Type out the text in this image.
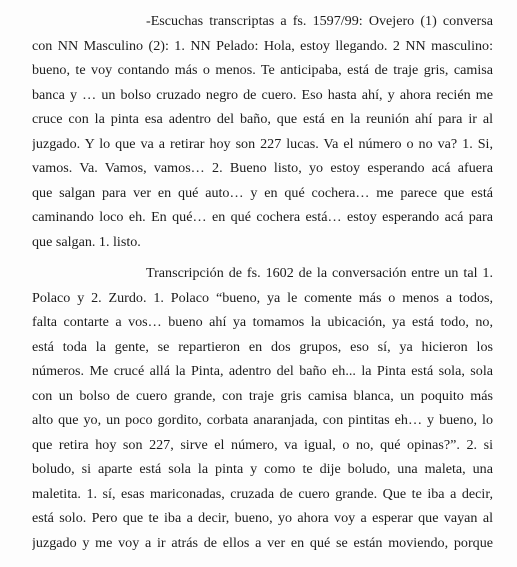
-Escuchas transcriptas a fs. 1597/99: Ovejero (1) conversa
con NN Masculino (2): 1. NN Pelado: Hola, estoy llegando. 2 NN masculino:
bueno, te voy contando más o menos. Te anticipaba, está de traje gris, camisa
banca y … un bolso cruzado negro de cuero. Eso hasta ahí, y ahora recién me
cruce con la pinta esa adentro del baño, que está en la reunión ahí para ir al
juzgado. Y lo que va a retirar hoy son 227 lucas. Va el número o no va? 1. Si,
vamos. Va. Vamos, vamos… 2. Bueno listo, yo estoy esperando acá afuera
que salgan para ver en qué auto… y en qué cochera… me parece que está
caminando loco eh. En qué… en qué cochera está… estoy esperando acá para
que salgan. 1. listo.
Transcripción de fs. 1602 de la conversación entre un tal 1.
Polaco y 2. Zurdo. 1. Polaco “bueno, ya le comente más o menos a todos,
falta contarte a vos… bueno ahí ya tomamos la ubicación, ya está todo, no,
está toda la gente, se repartieron en dos grupos, eso sí, ya hicieron los
números. Me crucé allá la Pinta, adentro del baño eh... la Pinta está sola, sola
con un bolso de cuero grande, con traje gris camisa blanca, un poquito más
alto que yo, un poco gordito, corbata anaranjada, con pintitas eh… y bueno, lo
que retira hoy son 227, sirve el número, va igual, o no, qué opinas?”. 2. si
boludo, si aparte está sola la pinta y como te dije boludo, una maleta, una
maletita. 1. sí, esas mariconadas, cruzada de cuero grande. Que te iba a decir,
está solo. Pero que te iba a decir, bueno, yo ahora voy a esperar que vayan al
juzgado y me voy a ir atrás de ellos a ver en qué se están moviendo, porque
